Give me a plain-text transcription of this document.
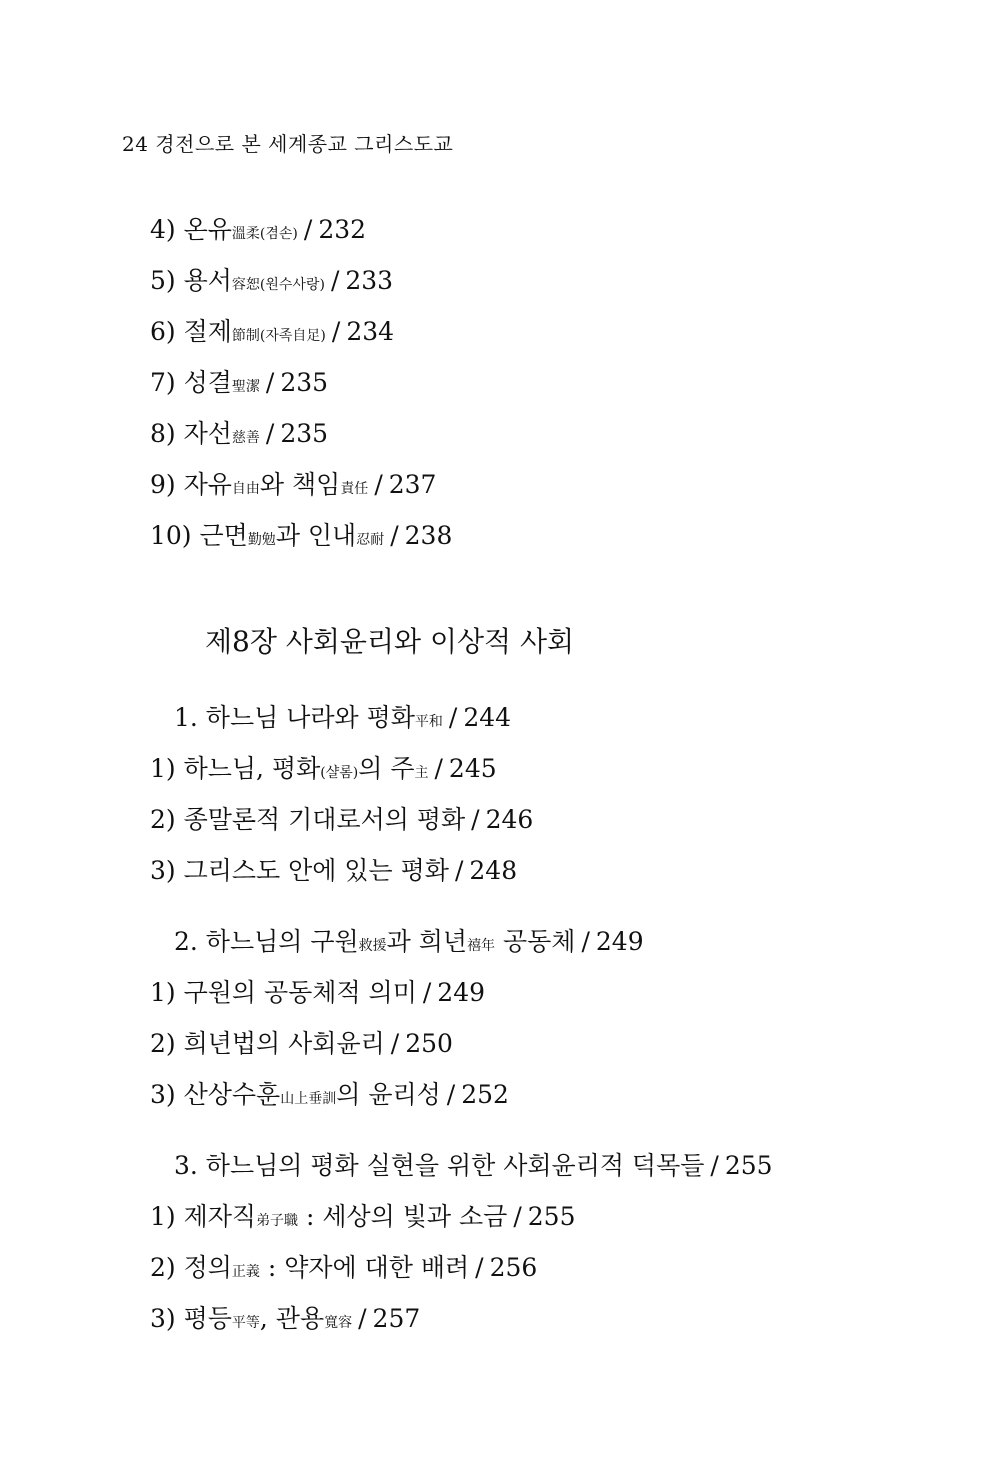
24 경전으로 본 세계종교 그리스도교
4) 온유溫柔(겸손) / 232
5) 용서容恕(원수사랑) / 233
6) 절제節制(자족自足) / 234
7) 성결聖潔 / 235
8) 자선慈善 / 235
9) 자유自由와 책임責任 / 237
10) 근면勤勉과 인내忍耐 / 238
제8장 사회윤리와 이상적 사회
1. 하느님 나라와 평화平和 / 244
1) 하느님, 평화(샬롬)의 주主 / 245
2) 종말론적 기대로서의 평화 / 246
3) 그리스도 안에 있는 평화 / 248
2. 하느님의 구원救援과 희년禧年 공동체 / 249
1) 구원의 공동체적 의미 / 249
2) 희년법의 사회윤리 / 250
3) 산상수훈山上垂訓의 윤리성 / 252
3. 하느님의 평화 실현을 위한 사회윤리적 덕목들 / 255
1) 제자직弟子職 : 세상의 빛과 소금 / 255
2) 정의正義 : 약자에 대한 배려 / 256
3) 평등平等, 관용寬容 / 257
